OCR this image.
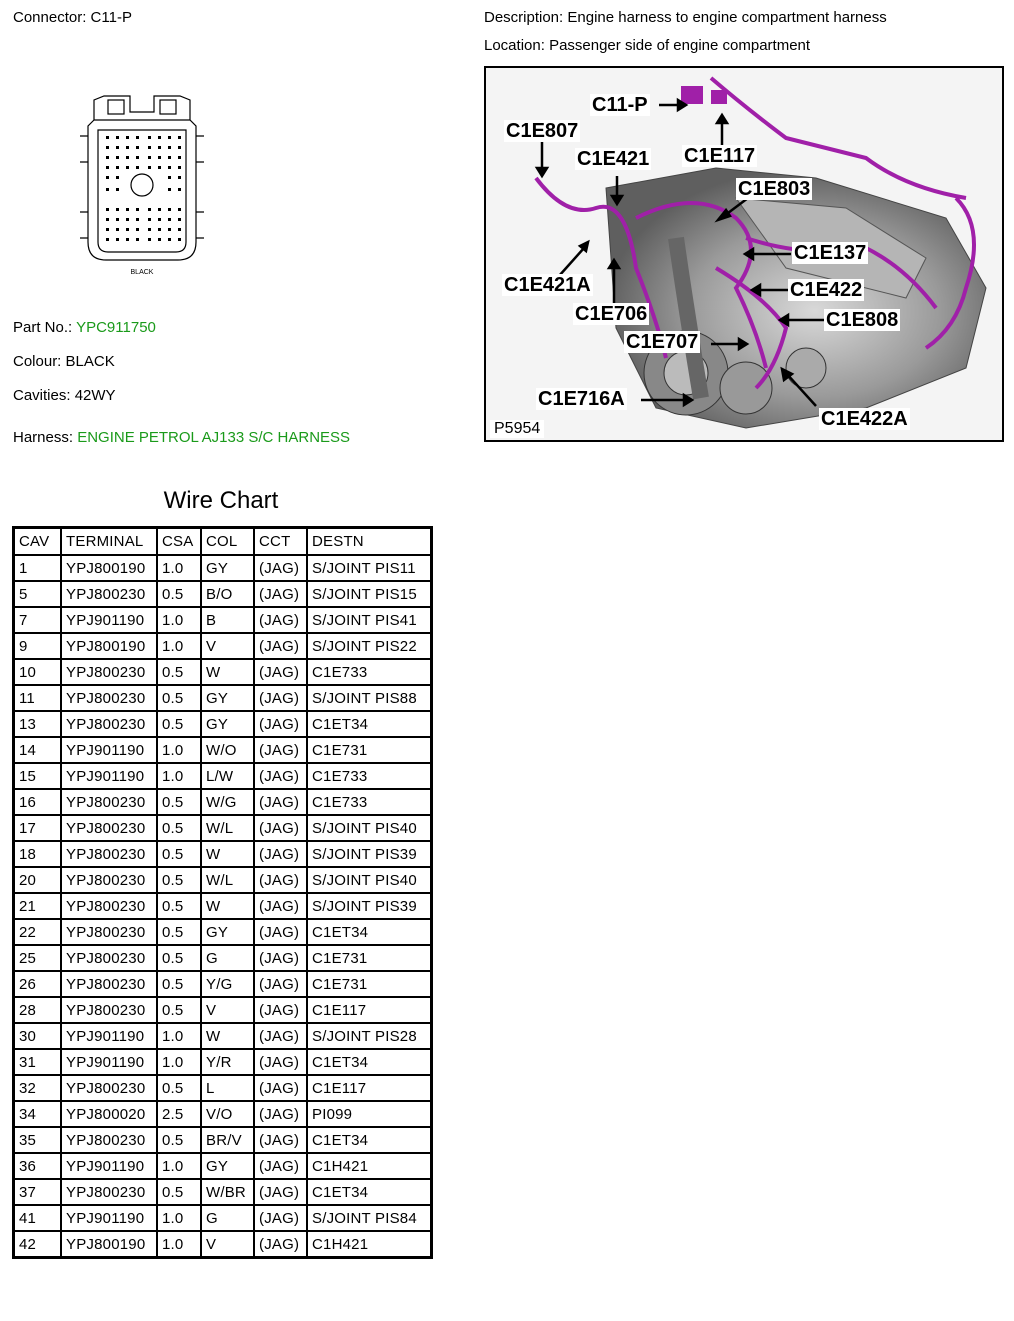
Connector: C11-P
BLACK
Part No.: YPC911750
Colour: BLACK
Cavities: 42WY
Harness: ENGINE PETROL AJ133 S/C HARNESS
Description: Engine harness to engine compartment harness
Location: Passenger side of engine compartment
C11-P
C1E807
C1E421 C1E117
C1E803
C1E137
C1E421A	C1E422
C1E706	C1E808
C1E707
C1E716A
C1E422A
P5954
Wire Chart
CAV	TERMINAL	CSA	COL	CCT	DESTN
1	YPJ800190	1.0	GY	(JAG)	S/JOINT PIS11
5	YPJ800230	0.5	B/O	(JAG)	S/JOINT PIS15
7	YPJ901190	1.0	B	(JAG)	S/JOINT PIS41
9	YPJ800190	1.0	V	(JAG)	S/JOINT PIS22
10	YPJ800230	0.5	W	(JAG)	C1E733
11	YPJ800230	0.5	GY	(JAG)	S/JOINT PIS88
13	YPJ800230	0.5	GY	(JAG)	C1ET34
14	YPJ901190	1.0	W/O	(JAG)	C1E731
15	YPJ901190	1.0	L/W	(JAG)	C1E733
16	YPJ800230	0.5	W/G	(JAG)	C1E733
17	YPJ800230	0.5	W/L	(JAG)	S/JOINT PIS40
18	YPJ800230	0.5	W	(JAG)	S/JOINT PIS39
20	YPJ800230	0.5	W/L	(JAG)	S/JOINT PIS40
21	YPJ800230	0.5	W	(JAG)	S/JOINT PIS39
22	YPJ800230	0.5	GY	(JAG)	C1ET34
25	YPJ800230	0.5	G	(JAG)	C1E731
26	YPJ800230	0.5	Y/G	(JAG)	C1E731
28	YPJ800230	0.5	V	(JAG)	C1E117
30	YPJ901190	1.0	W	(JAG)	S/JOINT PIS28
31	YPJ901190	1.0	Y/R	(JAG)	C1ET34
32	YPJ800230	0.5	L	(JAG)	C1E117
34	YPJ800020	2.5	V/O	(JAG)	PI099
35	YPJ800230	0.5	BR/V	(JAG)	C1ET34
36	YPJ901190	1.0	GY	(JAG)	C1H421
37	YPJ800230	0.5	W/BR	(JAG)	C1ET34
41	YPJ901190	1.0	G	(JAG)	S/JOINT PIS84
42	YPJ800190	1.0	V	(JAG)	C1H421
